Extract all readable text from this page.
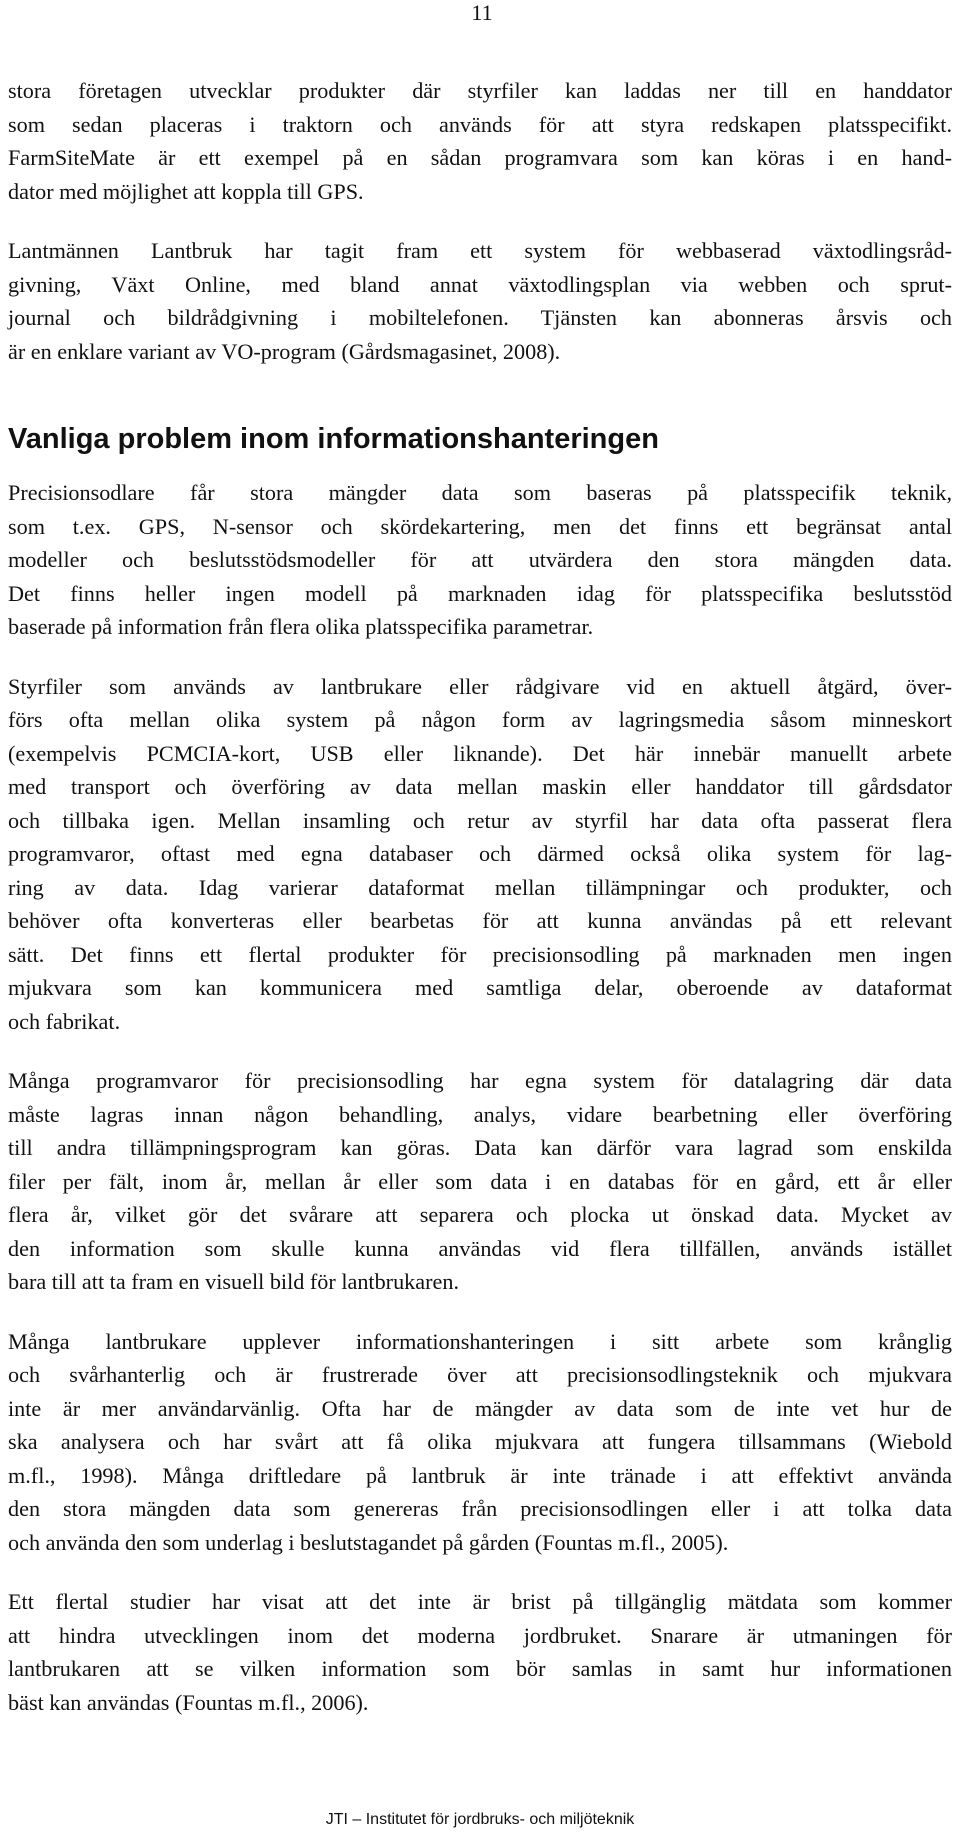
11
stora företagen utvecklar produkter där styrfiler kan laddas ner till en handdator
som sedan placeras i traktorn och används för att styra redskapen platsspecifikt.
FarmSiteMate är ett exempel på en sådan programvara som kan köras i en hand-
dator med möjlighet att koppla till GPS.
Lantmännen Lantbruk har tagit fram ett system för webbaserad växtodlingsråd-
givning, Växt Online, med bland annat växtodlingsplan via webben och sprut-
journal och bildrådgivning i mobiltelefonen. Tjänsten kan abonneras årsvis och
är en enklare variant av VO-program (Gårdsmagasinet, 2008).
Vanliga problem inom informationshanteringen
Precisionsodlare får stora mängder data som baseras på platsspecifik teknik,
som t.ex. GPS, N-sensor och skördekartering, men det finns ett begränsat antal
modeller och beslutsstödsmodeller för att utvärdera den stora mängden data.
Det finns heller ingen modell på marknaden idag för platsspecifika beslutsstöd
baserade på information från flera olika platsspecifika parametrar.
Styrfiler som används av lantbrukare eller rådgivare vid en aktuell åtgärd, över-
förs ofta mellan olika system på någon form av lagringsmedia såsom minneskort
(exempelvis PCMCIA-kort, USB eller liknande). Det här innebär manuellt arbete
med transport och överföring av data mellan maskin eller handdator till gårdsdator
och tillbaka igen. Mellan insamling och retur av styrfil har data ofta passerat flera
programvaror, oftast med egna databaser och därmed också olika system för lag-
ring av data. Idag varierar dataformat mellan tillämpningar och produkter, och
behöver ofta konverteras eller bearbetas för att kunna användas på ett relevant
sätt. Det finns ett flertal produkter för precisionsodling på marknaden men ingen
mjukvara som kan kommunicera med samtliga delar, oberoende av dataformat
och fabrikat.
Många programvaror för precisionsodling har egna system för datalagring där data
måste lagras innan någon behandling, analys, vidare bearbetning eller överföring
till andra tillämpningsprogram kan göras. Data kan därför vara lagrad som enskilda
filer per fält, inom år, mellan år eller som data i en databas för en gård, ett år eller
flera år, vilket gör det svårare att separera och plocka ut önskad data. Mycket av
den information som skulle kunna användas vid flera tillfällen, används istället
bara till att ta fram en visuell bild för lantbrukaren.
Många lantbrukare upplever informationshanteringen i sitt arbete som krånglig
och svårhanterlig och är frustrerade över att precisionsodlingsteknik och mjukvara
inte är mer användarvänlig. Ofta har de mängder av data som de inte vet hur de
ska analysera och har svårt att få olika mjukvara att fungera tillsammans (Wiebold
m.fl., 1998). Många driftledare på lantbruk är inte tränade i att effektivt använda
den stora mängden data som genereras från precisionsodlingen eller i att tolka data
och använda den som underlag i beslutstagandet på gården (Fountas m.fl., 2005).
Ett flertal studier har visat att det inte är brist på tillgänglig mätdata som kommer
att hindra utvecklingen inom det moderna jordbruket. Snarare är utmaningen för
lantbrukaren att se vilken information som bör samlas in samt hur informationen
bäst kan användas (Fountas m.fl., 2006).
JTI – Institutet för jordbruks- och miljöteknik
